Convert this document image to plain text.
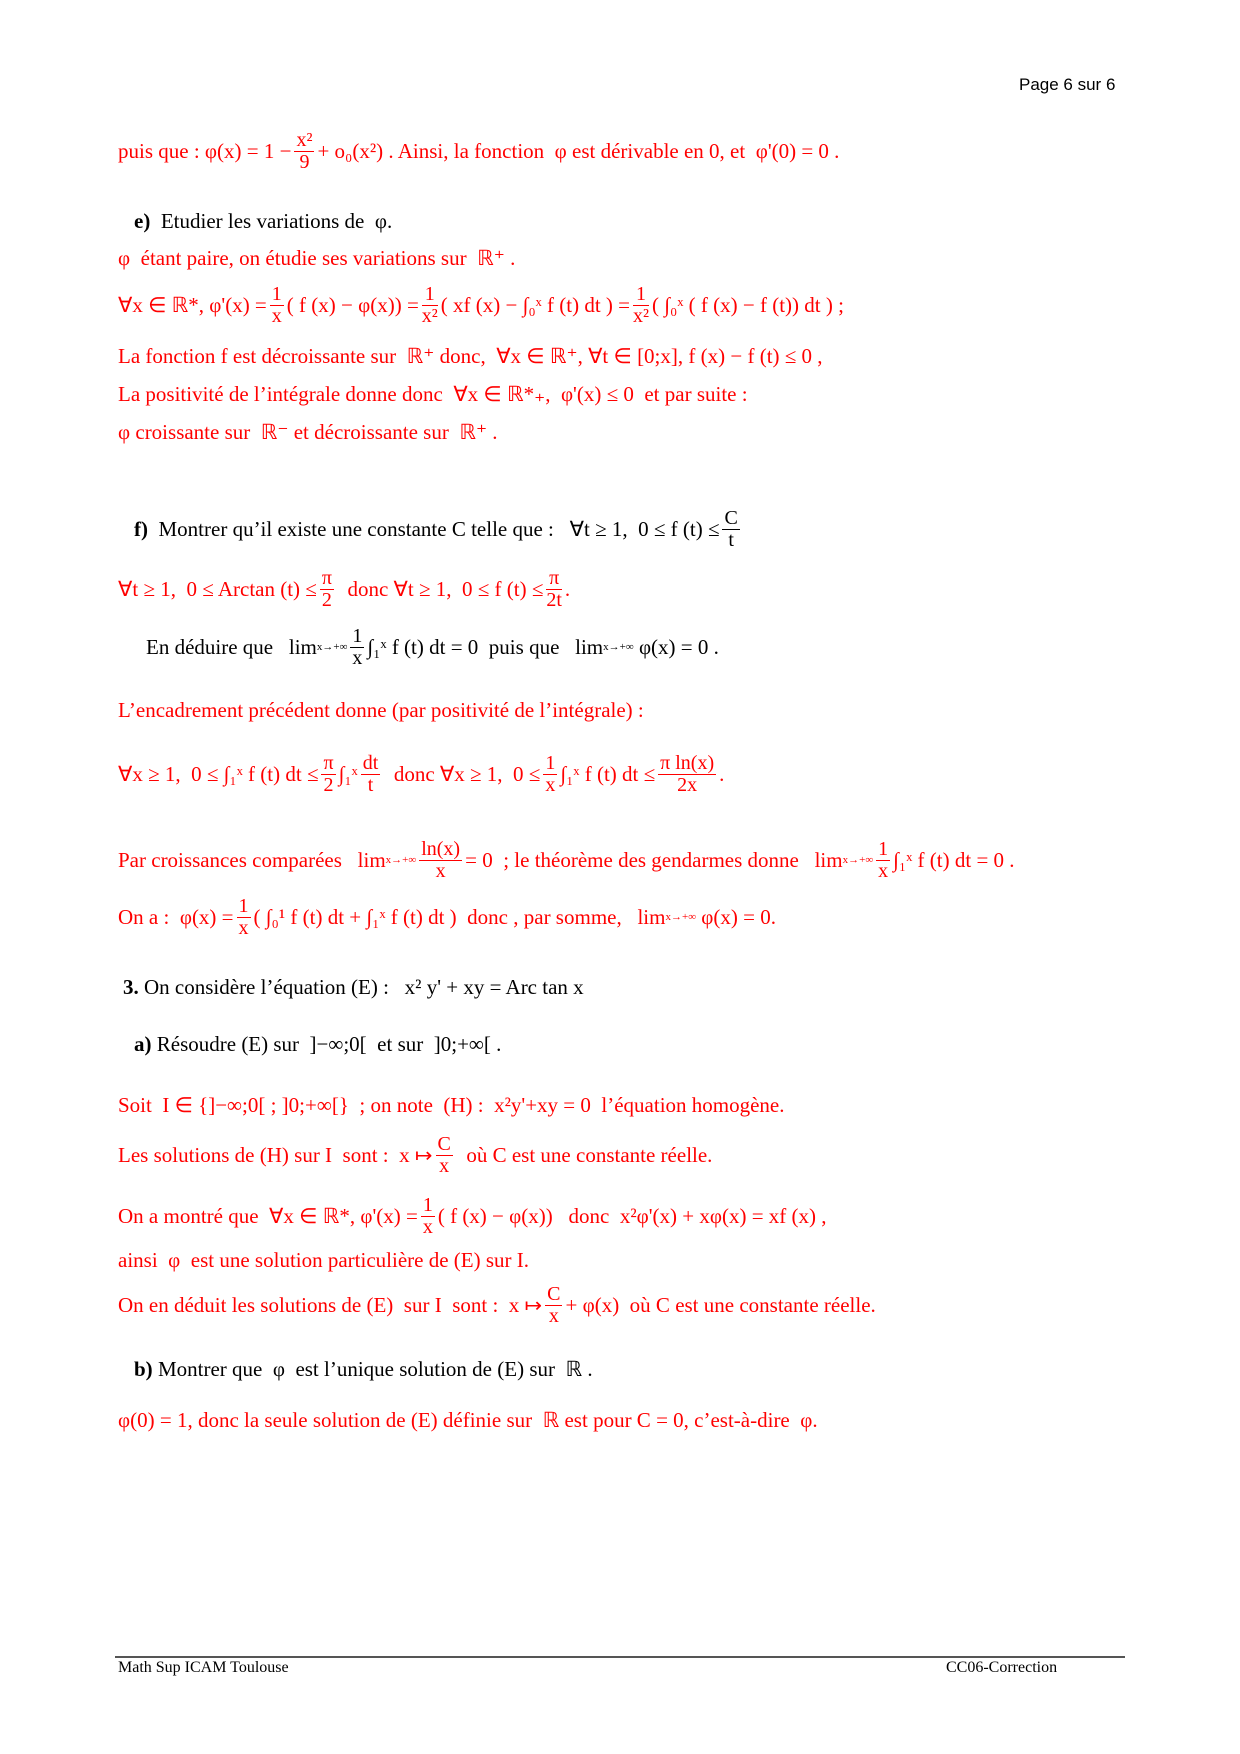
Page 6 sur 6
puis que : $\varphi(x) = 1 - \frac{\text{x²}}{9} + o_0(x^2)$ . Ainsi, la fonction  φ est dérivable en 0, et  φ'(0) = 0 .
e) Etudier les variations de  φ.
φ  étant paire, on étudie ses variations sur  ℝ⁺ .
∀x ∈ ℝ*, $\varphi'(x) = \frac{1}{x}$ ( f $(x) - \varphi(x)) = \frac{1}{\text{x²}}$ ( xf (x) − ∫₀ˣ f (t) dt ) = $\frac{1}{\text{x²}}$ ( ∫₀ˣ ( f (x) − f (t)) dt ) ;
La fonction f est décroissante sur  ℝ⁺ donc,  ∀x ∈ ℝ⁺, ∀t ∈ [0;x], f (x) − f (t) ≤ 0 ,
La positivité de l’intégrale donne donc  ∀x ∈ ℝ*₊,  φ'(x) ≤ 0  et par suite :
φ croissante sur  ℝ⁻ et décroissante sur  ℝ⁺ .
f) Montrer qu’il existe une constante C telle que :   ∀t ≥ 1,  0 ≤ f $(t) \le \frac{C}{t}$
∀t ≥ 1,  0 ≤ Arctan $(t) \le \frac{\pi}{2}$ donc ∀t ≥ 1,  0 ≤ f $(t) \le \frac{\pi}{2t}$ .
En déduire que   $\lim x\to+\infty \frac{1}{x}$ ∫₁ˣ f (t) dt = 0  puis que   lim x→+∞ φ(x) = 0 .
L’encadrement précédent donne (par positivité de l’intégrale) :
∀x ≥ 1,  0 ≤ ∫₁ˣ f (t) dt ≤ $\frac{\pi}{2}$ ∫₁ˣ $\frac{dt}{t}$ donc ∀x ≥ 1,  $0 \le \frac{1}{x}$ ∫₁ˣ f (t) dt ≤ $\frac{\text{π ln(x)}}{2x}$ .
Par croissances comparées   $\lim x\to+\infty \frac{\ln(x)}{x} = 0$  ; le théorème des gendarmes donne   $\lim x\to+\infty \frac{1}{x}$ ∫₁ˣ f (t) dt = 0 .
On a :  $\varphi(x) = \frac{1}{x}$ ( ∫₀¹ f (t) dt + ∫₁ˣ f (t) dt )  donc , par somme,   lim x→+∞ φ(x) = 0.
3. On considère l’équation (E) :   x² y' + xy = Arc tan x
a) Résoudre (E) sur  ]−∞;0[  et sur  ]0;+∞[ .
Soit  I ∈ {]−∞;0[ ; ]0;+∞[}  ; on note  (H) :  x²y'+xy = 0  l’équation homogène.
Les solutions de (H) sur I  sont :  x ↦ $\frac{C}{x}$ où C est une constante réelle.
On a montré que  ∀x ∈ ℝ*, $\varphi'(x) = \frac{1}{x}$ ( f (x) − φ(x))   donc  x²φ'(x) + xφ(x) = xf (x) ,
ainsi  φ  est une solution particulière de (E) sur I.
On en déduit les solutions de (E)  sur I  sont :  x ↦ $\frac{C}{x} + \varphi(x)$  où C est une constante réelle.
b) Montrer que  φ  est l’unique solution de (E) sur  ℝ .
φ(0) = 1, donc la seule solution de (E) définie sur  ℝ est pour C = 0, c’est-à-dire  φ.
Math Sup ICAM Toulouse	CC06-Correction
